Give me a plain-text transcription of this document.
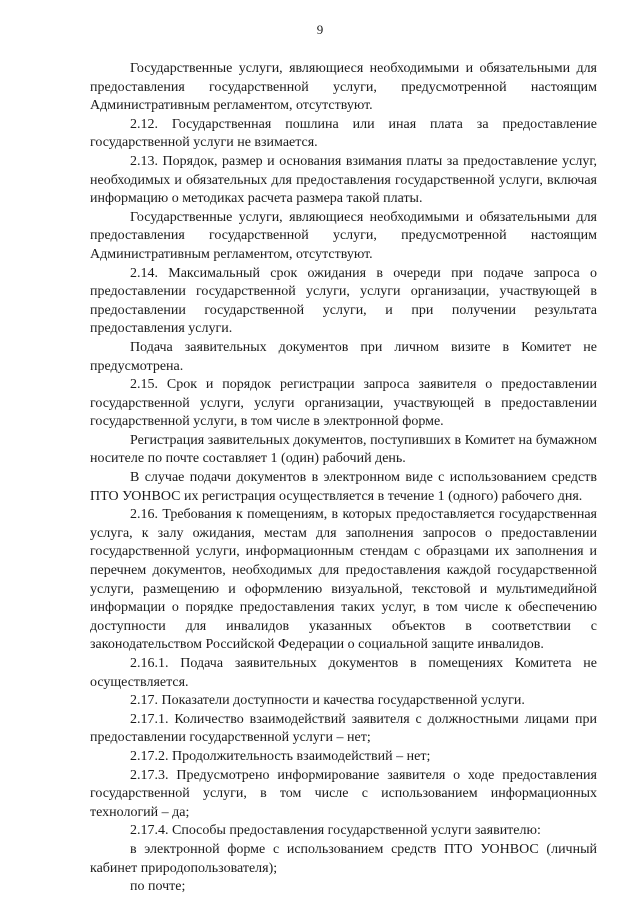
9

Государственные услуги, являющиеся необходимыми и обязательными для предоставления государственной услуги, предусмотренной настоящим Административным регламентом, отсутствуют.

2.12. Государственная пошлина или иная плата за предоставление государственной услуги не взимается.

2.13. Порядок, размер и основания взимания платы за предоставление услуг, необходимых и обязательных для предоставления государственной услуги, включая информацию о методиках расчета размера такой платы.

Государственные услуги, являющиеся необходимыми и обязательными для предоставления государственной услуги, предусмотренной настоящим Административным регламентом, отсутствуют.

2.14. Максимальный срок ожидания в очереди при подаче запроса о предоставлении государственной услуги, услуги организации, участвующей в предоставлении государственной услуги, и при получении результата предоставления услуги.

Подача заявительных документов при личном визите в Комитет не предусмотрена.

2.15. Срок и порядок регистрации запроса заявителя о предоставлении государственной услуги, услуги организации, участвующей в предоставлении государственной услуги, в том числе в электронной форме.

Регистрация заявительных документов, поступивших в Комитет на бумажном носителе по почте составляет 1 (один) рабочий день.

В случае подачи документов в электронном виде с использованием средств ПТО УОНВОС их регистрация осуществляется в течение 1 (одного) рабочего дня.

2.16. Требования к помещениям, в которых предоставляется государственная услуга, к залу ожидания, местам для заполнения запросов о предоставлении государственной услуги, информационным стендам с образцами их заполнения и перечнем документов, необходимых для предоставления каждой государственной услуги, размещению и оформлению визуальной, текстовой и мультимедийной информации о порядке предоставления таких услуг, в том числе к обеспечению доступности для инвалидов указанных объектов в соответствии с законодательством Российской Федерации о социальной защите инвалидов.

2.16.1. Подача заявительных документов в помещениях Комитета не осуществляется.

2.17. Показатели доступности и качества государственной услуги.

2.17.1. Количество взаимодействий заявителя с должностными лицами при предоставлении государственной услуги – нет;

2.17.2. Продолжительность взаимодействий – нет;

2.17.3. Предусмотрено информирование заявителя о ходе предоставления государственной услуги, в том числе с использованием информационных технологий – да;

2.17.4. Способы предоставления государственной услуги заявителю:

в электронной форме с использованием средств ПТО УОНВОС (личный кабинет природопользователя);

по почте;
